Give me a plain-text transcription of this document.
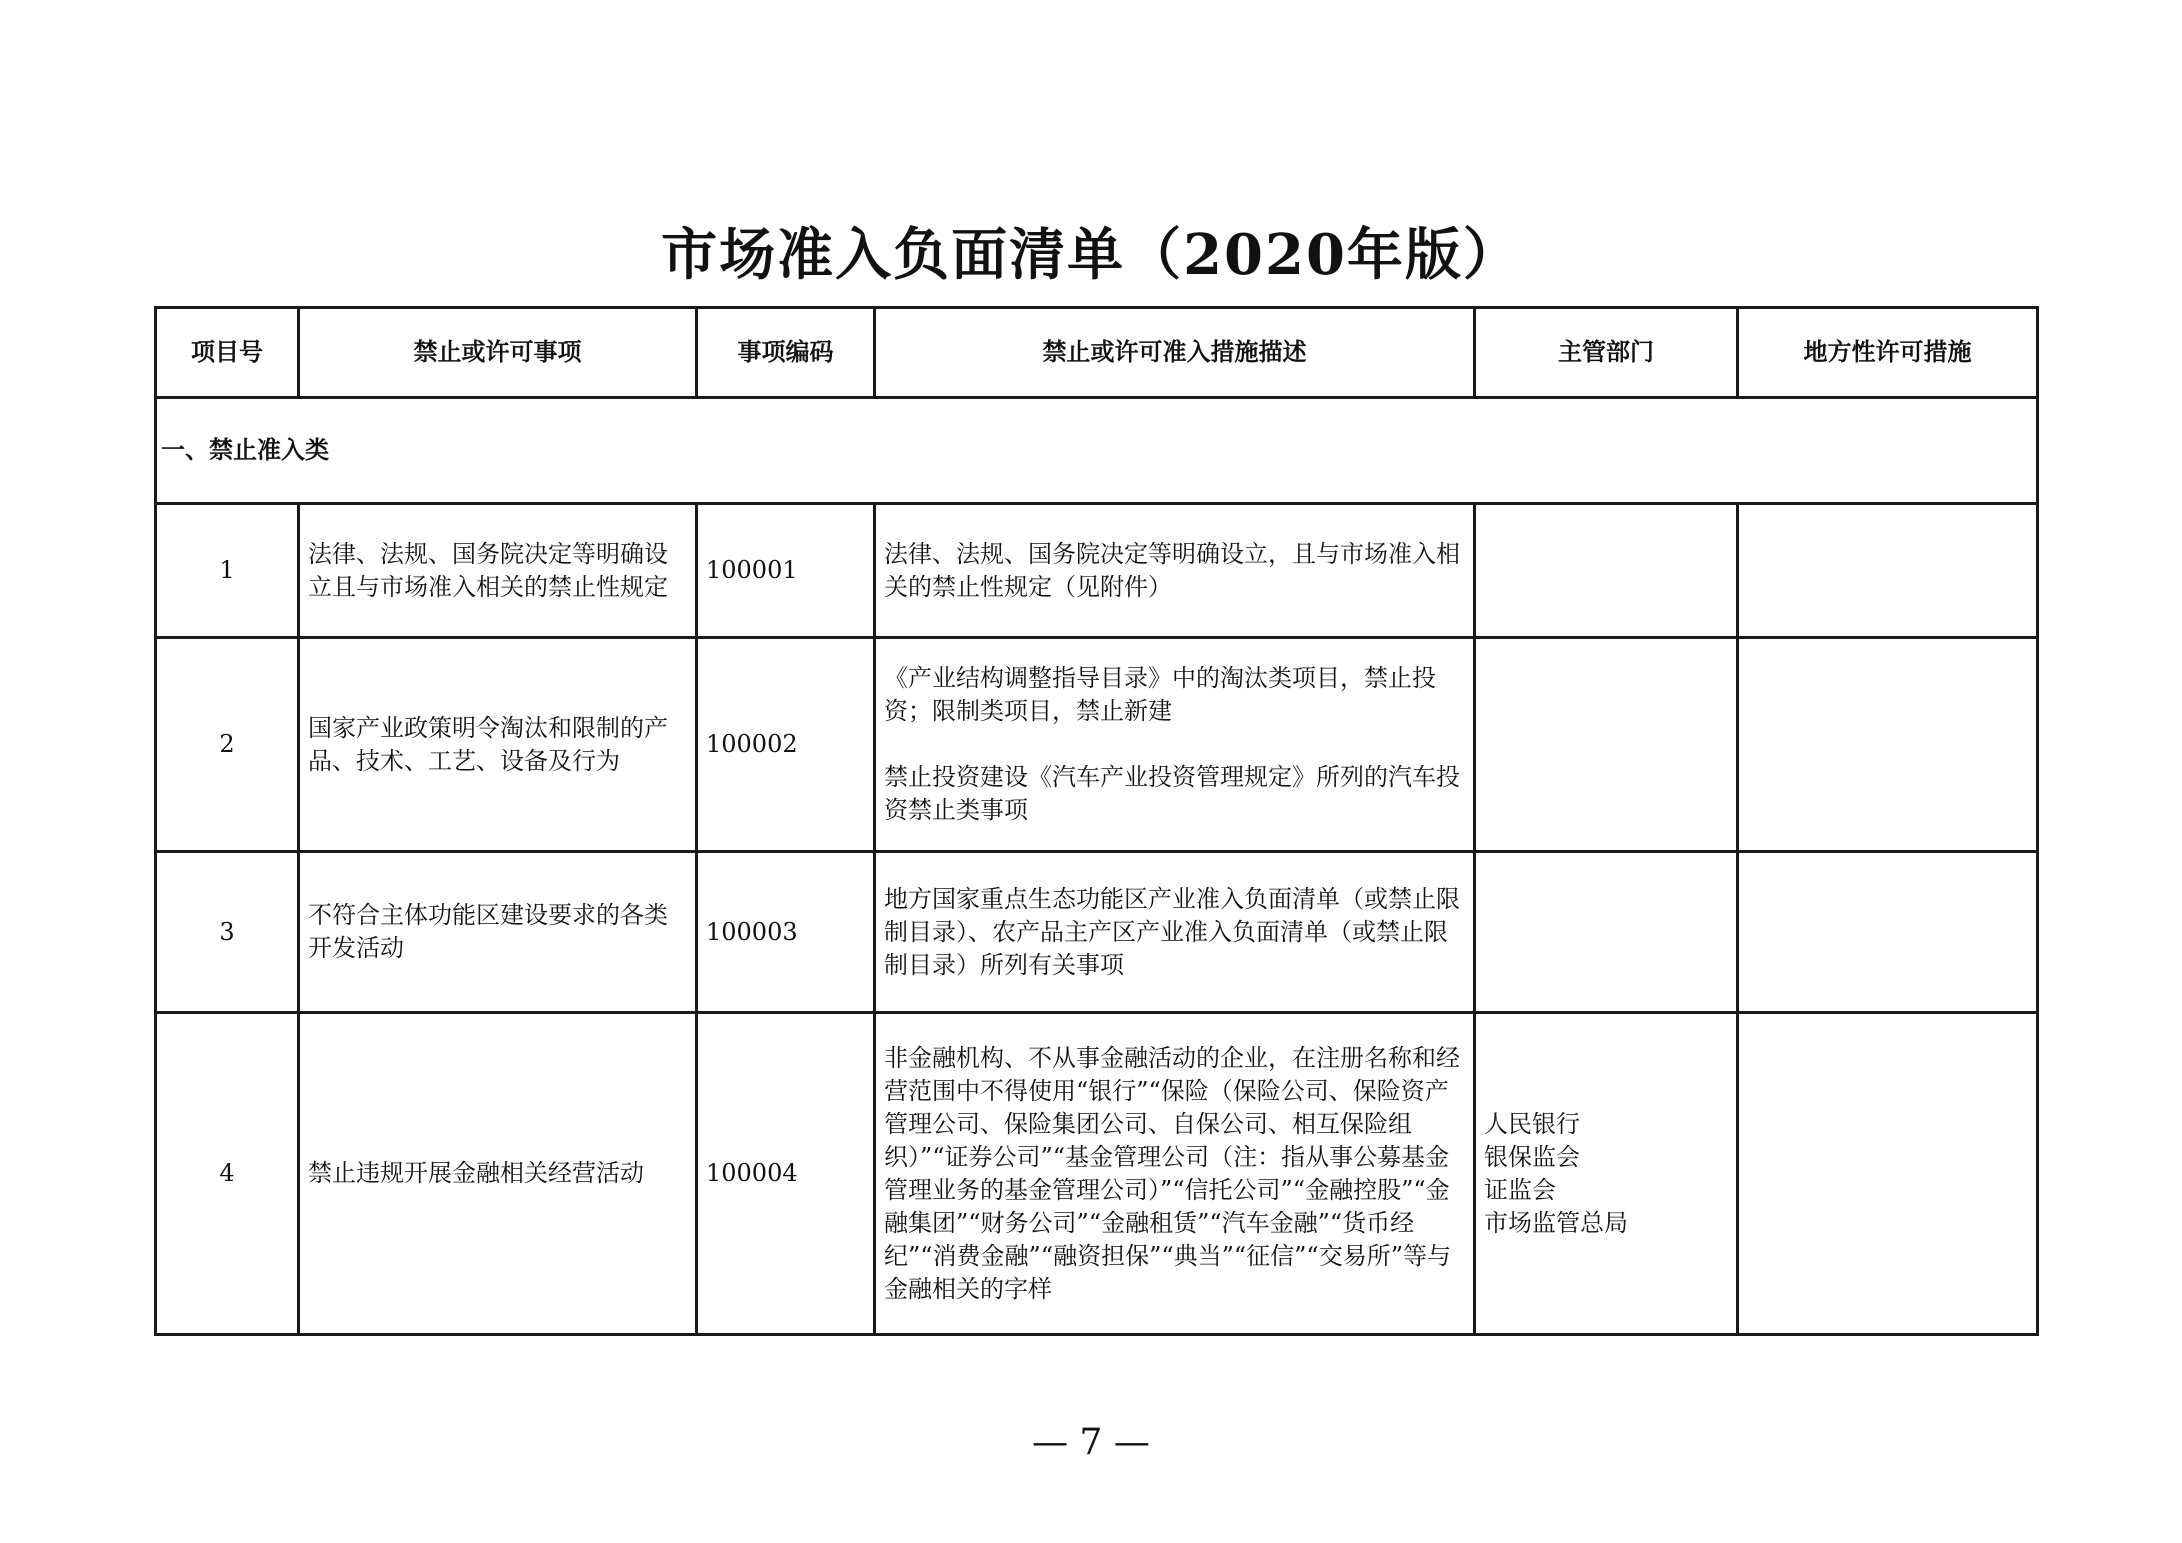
市场准入负面清单（2020年版）
项目号	禁止或许可事项	事项编码	禁止或许可准入措施描述	主管部门	地方性许可措施
一、禁止准入类					
1	法律、法规、国务院决定等明确设立且与市场准入相关的禁止性规定	100001	法律、法规、国务院决定等明确设立，且与市场准入相关的禁止性规定（见附件）		

2	国家产业政策明令淘汰和限制的产品、技术、工艺、设备及行为	100002	《产业结构调整指导目录》中的淘汰类项目，禁止投资；限制类项目，禁止新建
禁止投资建设《汽车产业投资管理规定》所列的汽车投资禁止类事项		

3	不符合主体功能区建设要求的各类开发活动	100003	地方国家重点生态功能区产业准入负面清单（或禁止限制目录）、农产品主产区产业准入负面清单（或禁止限制目录）所列有关事项		

4	禁止违规开展金融相关经营活动	100004	非金融机构、不从事金融活动的企业，在注册名称和经营范围中不得使用“银行”“保险（保险公司、保险资产管理公司、保险集团公司、自保公司、相互保险组织）”“证券公司”“基金管理公司（注：指从事公募基金管理业务的基金管理公司）”“信托公司”“金融控股”“金融集团”“财务公司”“金融租赁”“汽车金融”“货币经纪”“消费金融”“融资担保”“典当”“征信”“交易所”等与金融相关的字样	人民银行
银保监会
证监会
市场监管总局	

— 7 —
